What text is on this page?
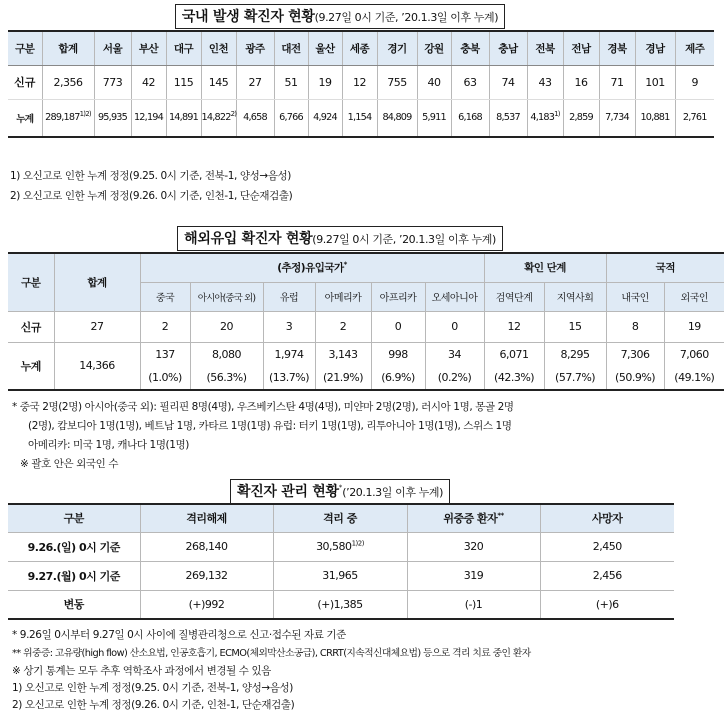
국내 발생 확진자 현황(9.27일 0시 기준, ’20.1.3일 이후 누계)
구분	합계	서울	부산	대구	인천	광주	대전	울산	세종	경기	강원	충북	충남	전북	전남	경북	경남	제주
신규	2,356	773	42	115	145	27	51	19	12	755	40	63	74	43	16	71	101	9
누계	$289,187^{1)2)}$	95,935	12,194	14,891	14,822$^{2)}$	4,658	6,766	4,924	1,154	84,809	5,911	6,168	8,537	4,183$^{1)}$	2,859	7,734	10,881	2,761
1) 오신고로 인한 누계 정정(9.25. 0시 기준, 전북-1, 양성→음성)
2) 오신고로 인한 누계 정정(9.26. 0시 기준, 인천-1, 단순재검출)
해외유입 확진자 현황(9.27일 0시 기준, ’20.1.3일 이후 누계)
구분	합계	(추정)유입국가*						확인 단계		국적	
		중국	아시아(중국 외)	유럽	아메리카	아프리카	오세아니아	검역단계	지역사회	내국인	외국인
신규	27	2	20	3	2	0	0	12	15	8	19
누계	14,366	137	8,080	1,974	3,143	998	34	6,071	8,295	7,306	7,060
		(1.0%)	(56.3%)	(13.7%)	(21.9%)	(6.9%)	(0.2%)	(42.3%)	(57.7%)	(50.9%)	(49.1%)
* 중국 2명(2명) 아시아(중국 외): 필리핀 8명(4명), 우즈베키스탄 4명(4명), 미얀마 2명(2명), 러시아 1명, 몽골 2명
(2명), 캄보디아 1명(1명), 베트남 1명, 카타르 1명(1명) 유럽: 터키 1명(1명), 리투아니아 1명(1명), 스위스 1명
아메리카: 미국 1명, 캐나다 1명(1명)
※ 괄호 안은 외국인 수
확진자 관리 현황*(’20.1.3일 이후 누계)
구분	격리해제	격리 중	위중증 환자**	사망자
9.26.(일) 0시 기준	268,140	$30,580^{1)2)}$	320	2,450
9.27.(월) 0시 기준	269,132	31,965	319	2,456
변동	(+)992	(+)1,385	(-)1	(+)6
* 9.26일 0시부터 9.27일 0시 사이에 질병관리청으로 신고·접수된 자료 기준
** 위중증: 고유량(high flow) 산소요법, 인공호흡기, ECMO(체외막산소공급), CRRT(지속적신대체요법) 등으로 격리 치료 중인 환자
※ 상기 통계는 모두 추후 역학조사 과정에서 변경될 수 있음
1) 오신고로 인한 누계 정정(9.25. 0시 기준, 전북-1, 양성→음성)
2) 오신고로 인한 누계 정정(9.26. 0시 기준, 인천-1, 단순재검출)
